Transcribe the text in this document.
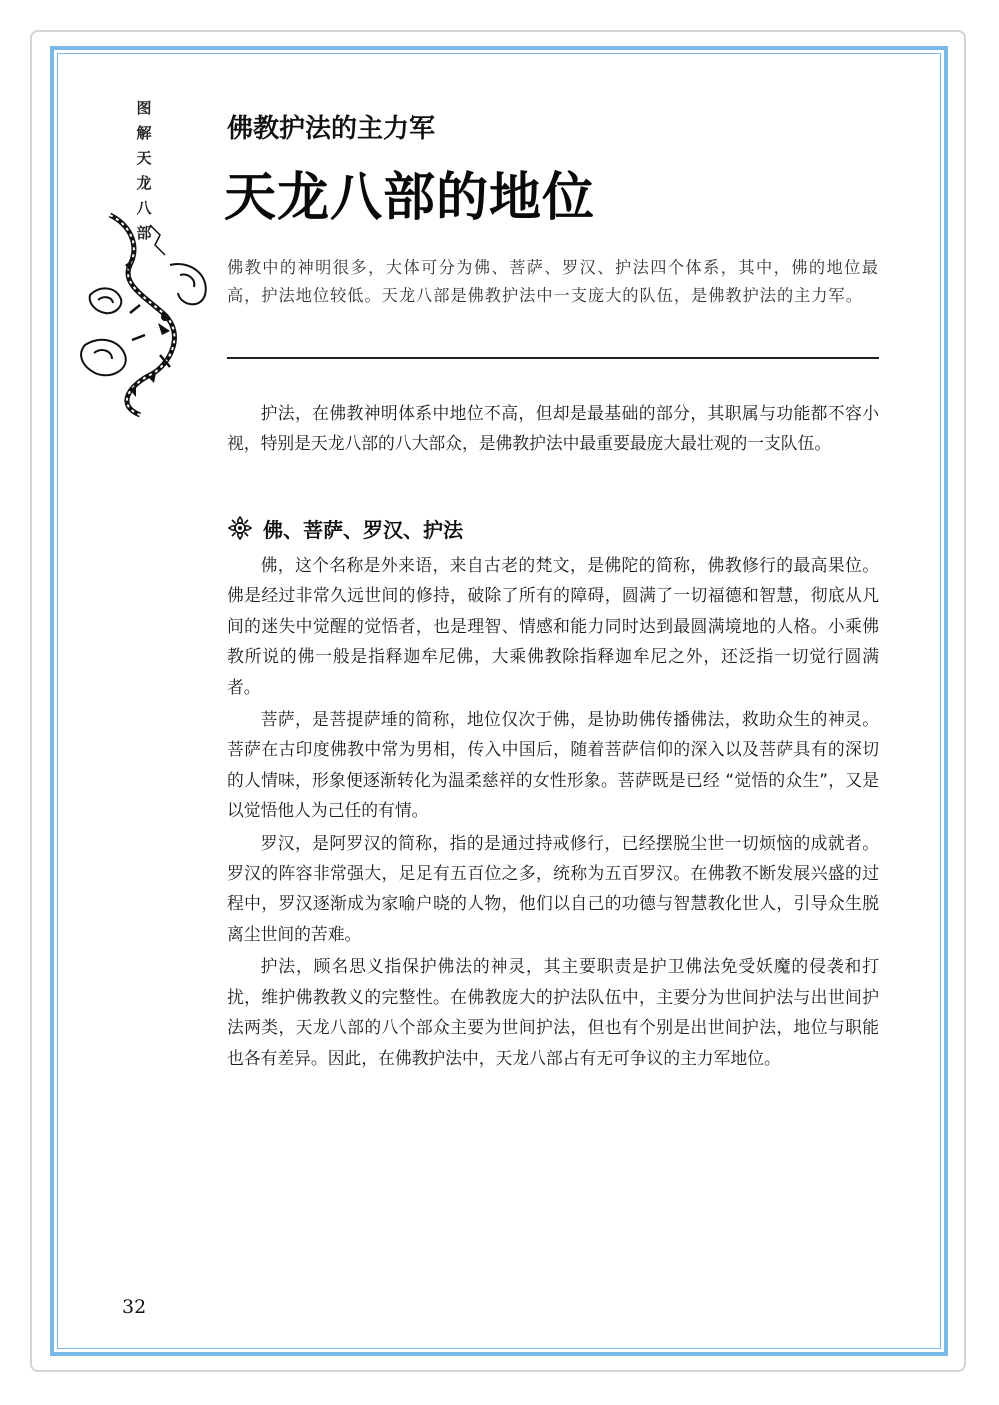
图解天龙八部
佛教护法的主力军
天龙八部的地位
佛教中的神明很多，大体可分为佛、菩萨、罗汉、护法四个体系，其中，佛的地位最高，护法地位较低。天龙八部是佛教护法中一支庞大的队伍，是佛教护法的主力军。

护法，在佛教神明体系中地位不高，但却是最基础的部分，其职属与功能都不容小视，特别是天龙八部的八大部众，是佛教护法中最重要最庞大最壮观的一支队伍。

佛、菩萨、罗汉、护法

佛，这个名称是外来语，来自古老的梵文，是佛陀的简称，佛教修行的最高果位。佛是经过非常久远世间的修持，破除了所有的障碍，圆满了一切福德和智慧，彻底从凡间的迷失中觉醒的觉悟者，也是理智、情感和能力同时达到最圆满境地的人格。小乘佛教所说的佛一般是指释迦牟尼佛，大乘佛教除指释迦牟尼之外，还泛指一切觉行圆满者。

菩萨，是菩提萨埵的简称，地位仅次于佛，是协助佛传播佛法，救助众生的神灵。菩萨在古印度佛教中常为男相，传入中国后，随着菩萨信仰的深入以及菩萨具有的深切的人情味，形象便逐渐转化为温柔慈祥的女性形象。菩萨既是已经 “觉悟的众生”，又是以觉悟他人为己任的有情。

罗汉，是阿罗汉的简称，指的是通过持戒修行，已经摆脱尘世一切烦恼的成就者。罗汉的阵容非常强大，足足有五百位之多，统称为五百罗汉。在佛教不断发展兴盛的过程中，罗汉逐渐成为家喻户晓的人物，他们以自己的功德与智慧教化世人，引导众生脱离尘世间的苦难。

护法，顾名思义指保护佛法的神灵，其主要职责是护卫佛法免受妖魔的侵袭和打扰，维护佛教教义的完整性。在佛教庞大的护法队伍中，主要分为世间护法与出世间护法两类，天龙八部的八个部众主要为世间护法，但也有个别是出世间护法，地位与职能也各有差异。因此，在佛教护法中，天龙八部占有无可争议的主力军地位。

32
